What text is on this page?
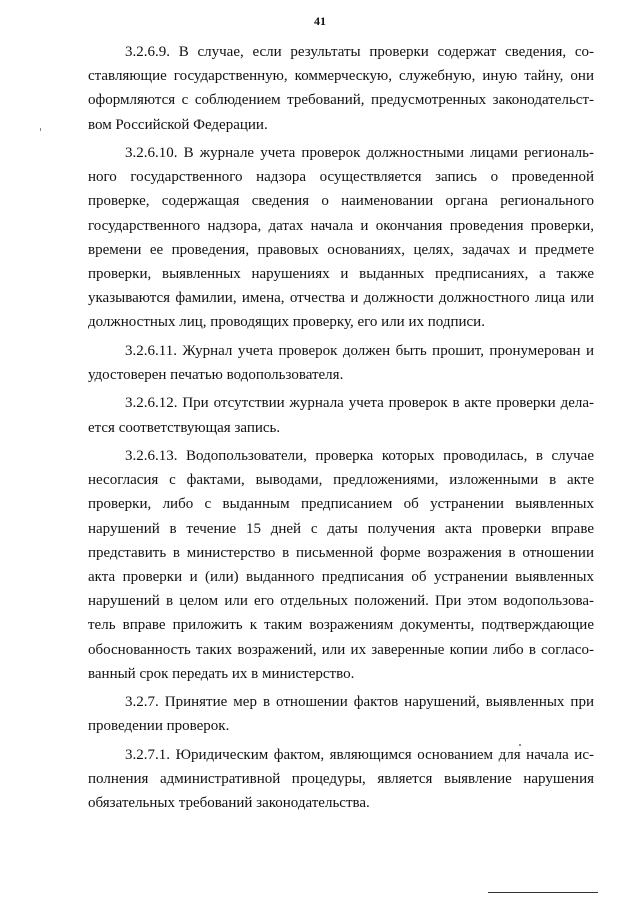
41
3.2.6.9. В случае, если результаты проверки содержат сведения, со-
ставляющие государственную, коммерческую, служебную, иную тайну, они
оформляются с соблюдением требований, предусмотренных законодательст-
вом Российской Федерации.
3.2.6.10. В журнале учета проверок должностными лицами региональ-
ного государственного надзора осуществляется запись о проведенной
проверке, содержащая сведения о наименовании органа регионального
государственного надзора, датах начала и окончания проведения проверки,
времени ее проведения, правовых основаниях, целях, задачах и предмете
проверки, выявленных нарушениях и выданных предписаниях, а также
указываются фамилии, имена, отчества и должности должностного лица или
должностных лиц, проводящих проверку, его или их подписи.
3.2.6.11. Журнал учета проверок должен быть прошит, пронумерован и
удостоверен печатью водопользователя.
3.2.6.12. При отсутствии журнала учета проверок в акте проверки дела-
ется соответствующая запись.
3.2.6.13. Водопользователи, проверка которых проводилась, в случае
несогласия с фактами, выводами, предложениями, изложенными в акте
проверки, либо с выданным предписанием об устранении выявленных
нарушений в течение 15 дней с даты получения акта проверки вправе
представить в министерство в письменной форме возражения в отношении
акта проверки и (или) выданного предписания об устранении выявленных
нарушений в целом или его отдельных положений. При этом водопользова-
тель вправе приложить к таким возражениям документы, подтверждающие
обоснованность таких возражений, или их заверенные копии либо в согласо-
ванный срок передать их в министерство.
3.2.7. Принятие мер в отношении фактов нарушений, выявленных при
проведении проверок.
3.2.7.1. Юридическим фактом, являющимся основанием для начала ис-
полнения административной процедуры, является выявление нарушения
обязательных требований законодательства.
